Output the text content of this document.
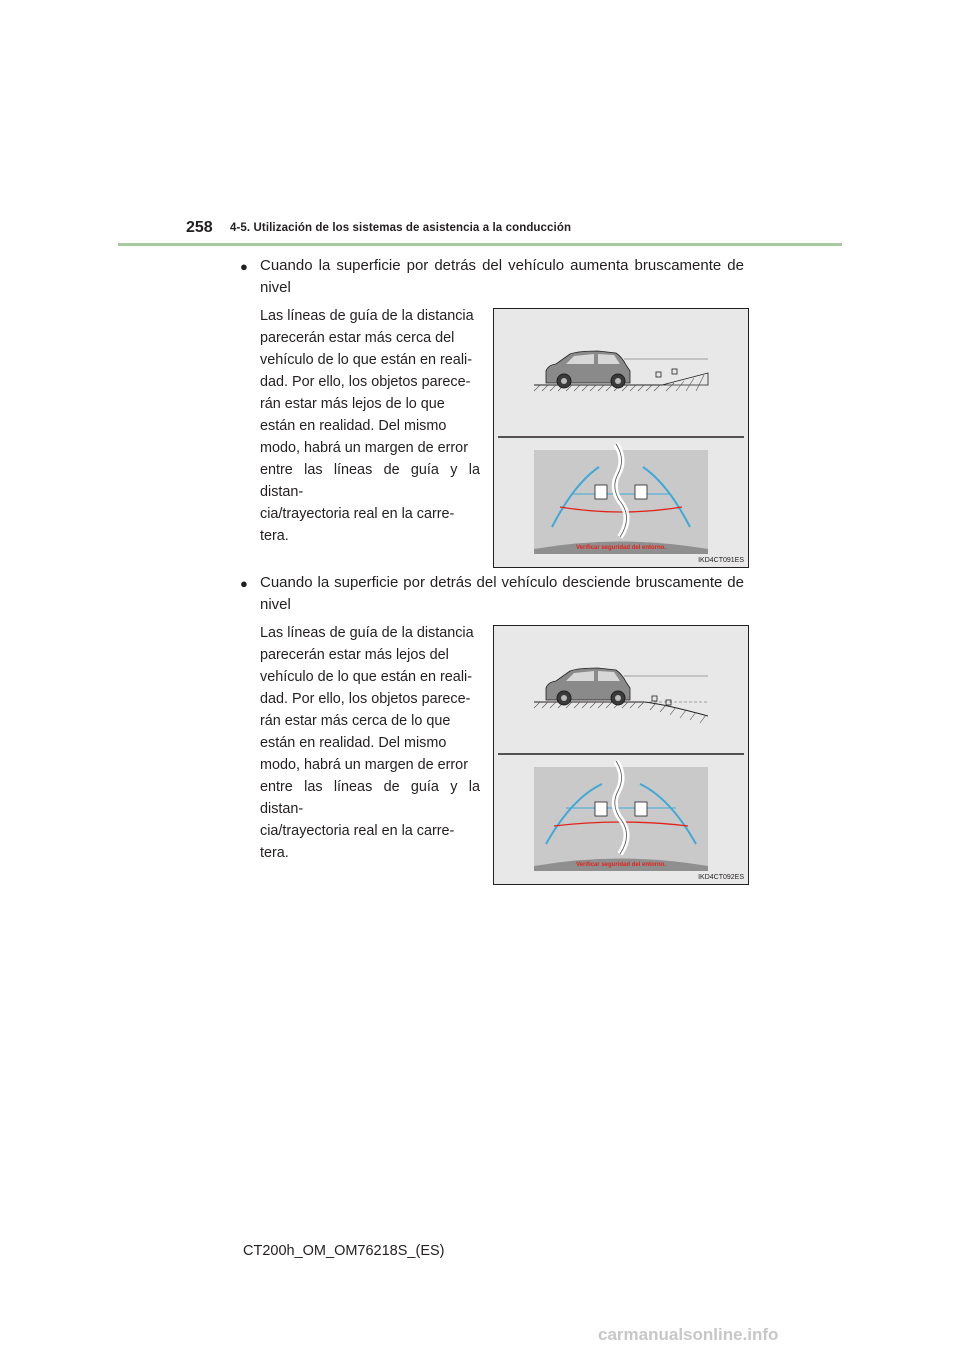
258 4-5. Utilización de los sistemas de asistencia a la conducción
● Cuando la superficie por detrás del vehículo aumenta bruscamente de nivel
Las líneas de guía de la distancia
parecerán estar más cerca del
vehículo de lo que están en reali-
dad. Por ello, los objetos parece-
rán estar más lejos de lo que
están en realidad. Del mismo
modo, habrá un margen de error
entre las líneas de guía y la distan-
cia/trayectoria real en la carre-
tera.
Verificar seguridad del entorno.
IKD4CT091ES
● Cuando la superficie por detrás del vehículo desciende bruscamente de nivel
Las líneas de guía de la distancia
parecerán estar más lejos del
vehículo de lo que están en reali-
dad. Por ello, los objetos parece-
rán estar más cerca de lo que
están en realidad. Del mismo
modo, habrá un margen de error
entre las líneas de guía y la distan-
cia/trayectoria real en la carre-
tera.
Verificar seguridad del entorno.
IKD4CT092ES
CT200h_OM_OM76218S_(ES)
carmanualsonline.info
